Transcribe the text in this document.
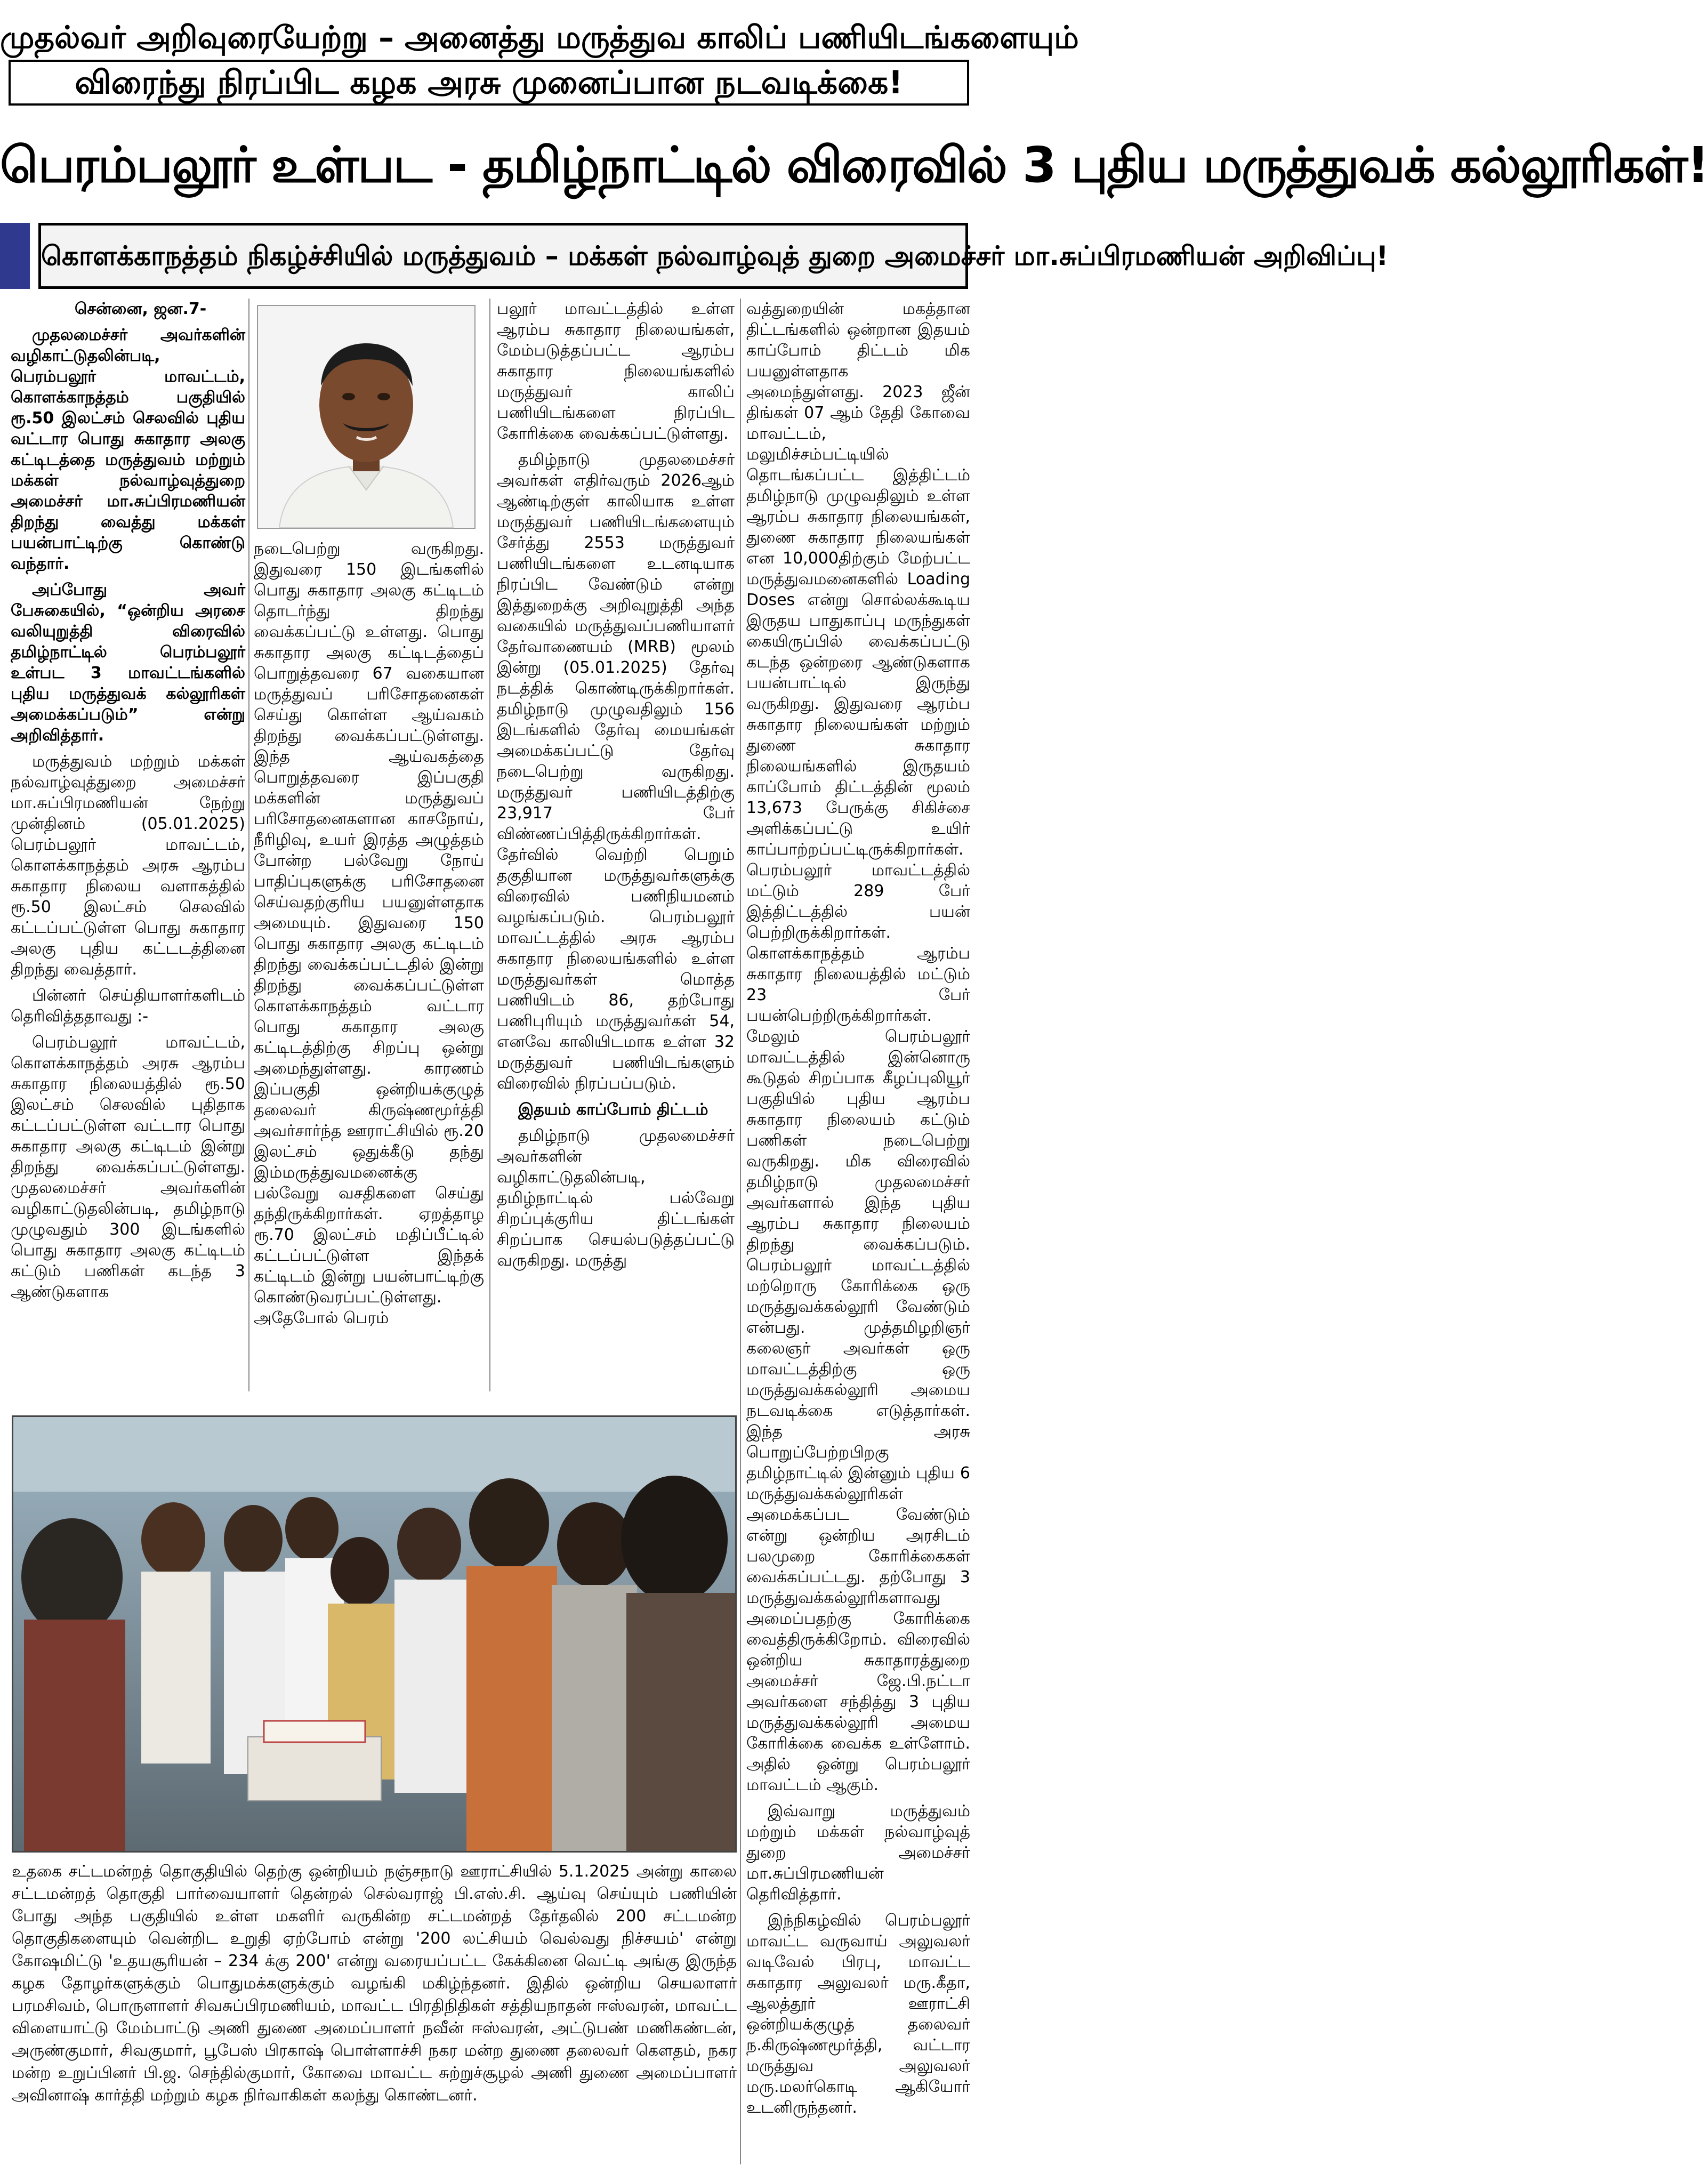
முதல்வர் அறிவுரையேற்று – அனைத்து மருத்துவ காலிப் பணியிடங்களையும்
விரைந்து நிரப்பிட கழக அரசு முனைப்பான நடவடிக்கை!
பெரம்பலூர் உள்பட - தமிழ்நாட்டில் விரைவில் 3 புதிய மருத்துவக் கல்லூரிகள்!
கொளக்காநத்தம் நிகழ்ச்சியில் மருத்துவம் – மக்கள் நல்வாழ்வுத் துறை அமைச்சர் மா.சுப்பிரமணியன் அறிவிப்பு!

சென்னை, ஜன.7-

முதலமைச்சர் அவர்களின் வழிகாட்டுதலின்படி, பெரம்பலூர் மாவட்டம், கொளக்காநத்தம் பகுதியில் ரூ.50 இலட்சம் செலவில் புதிய வட்டார பொது சுகாதார அலகு கட்டிடத்தை மருத்துவம் மற்றும் மக்கள் நல்வாழ்வுத்துறை அமைச்சர் மா.சுப்பிரமணியன் திறந்து வைத்து மக்கள் பயன்பாட்டிற்கு கொண்டு வந்தார்.

அப்போது அவர் பேசுகையில், “ஒன்றிய அரசை வலியுறுத்தி விரைவில் தமிழ்நாட்டில் பெரம்பலூர் உள்பட 3 மாவட்டங்களில் புதிய மருத்துவக் கல்லூரிகள் அமைக்கப்படும்” என்று அறிவித்தார்.

மருத்துவம் மற்றும் மக்கள் நல்வாழ்வுத்துறை அமைச்சர் மா.சுப்பிரமணியன் நேற்று முன்தினம் (05.01.2025) பெரம்பலூர் மாவட்டம், கொளக்காநத்தம் அரசு ஆரம்ப சுகாதார நிலைய வளாகத்தில் ரூ.50 இலட்சம் செலவில் கட்டப்பட்டுள்ள பொது சுகாதார அலகு புதிய கட்டடத்தினை திறந்து வைத்தார்.

பின்னர் செய்தியாளர்களிடம் தெரிவித்ததாவது :-

பெரம்பலூர் மாவட்டம், கொளக்காநத்தம் அரசு ஆரம்ப சுகாதார நிலையத்தில் ரூ.50 இலட்சம் செலவில் புதிதாக கட்டப்பட்டுள்ள வட்டார பொது சுகாதார அலகு கட்டிடம் இன்று திறந்து வைக்கப்பட்டுள்ளது. முதலமைச்சர் அவர்களின் வழிகாட்டுதலின்படி, தமிழ்நாடு முழுவதும் 300 இடங்களில் பொது சுகாதார அலகு கட்டிடம் கட்டும் பணிகள் கடந்த 3 ஆண்டுகளாக

நடைபெற்று வருகிறது. இதுவரை 150 இடங்களில் பொது சுகாதார அலகு கட்டிடம் தொடர்ந்து திறந்து வைக்கப்பட்டு உள்ளது. பொது சுகாதார அலகு கட்டிடத்தைப் பொறுத்தவரை 67 வகையான மருத்துவப் பரிசோதனைகள் செய்து கொள்ள ஆய்வகம் திறந்து வைக்கப்பட்டுள்ளது. இந்த ஆய்வகத்தை பொறுத்தவரை இப்பகுதி மக்களின் மருத்துவப் பரிசோதனைகளான காசநோய், நீரிழிவு, உயர் இரத்த அழுத்தம் போன்ற பல்வேறு நோய் பாதிப்புகளுக்கு பரிசோதனை செய்வதற்குரிய பயனுள்ளதாக அமையும். இதுவரை 150 பொது சுகாதார அலகு கட்டிடம் திறந்து வைக்கப்பட்டதில் இன்று திறந்து வைக்கப்பட்டுள்ள கொளக்காநத்தம் வட்டார பொது சுகாதார அலகு கட்டிடத்திற்கு சிறப்பு ஒன்று அமைந்துள்ளது. காரணம் இப்பகுதி ஒன்றியக்குழுத் தலைவர் கிருஷ்ணமூர்த்தி அவர்சார்ந்த ஊராட்சியில் ரூ.20 இலட்சம் ஒதுக்கீடு தந்து இம்மருத்துவமனைக்கு பல்வேறு வசதிகளை செய்து தந்திருக்கிறார்கள். ஏறத்தாழ ரூ.70 இலட்சம் மதிப்பீட்டில் கட்டப்பட்டுள்ள இந்தக் கட்டிடம் இன்று பயன்பாட்டிற்கு கொண்டுவரப்பட்டுள்ளது. அதேபோல் பெரம்

பலூர் மாவட்டத்தில் உள்ள ஆரம்ப சுகாதார நிலையங்கள், மேம்படுத்தப்பட்ட ஆரம்ப சுகாதார நிலையங்களில் மருத்துவர் காலிப் பணியிடங்களை நிரப்பிட கோரிக்கை வைக்கப்பட்டுள்ளது.

தமிழ்நாடு முதலமைச்சர் அவர்கள் எதிர்வரும் 2026ஆம் ஆண்டிற்குள் காலியாக உள்ள மருத்துவர் பணியிடங்களையும் சேர்த்து 2553 மருத்துவர் பணியிடங்களை உடனடியாக நிரப்பிட வேண்டும் என்று இத்துறைக்கு அறிவுறுத்தி அந்த வகையில் மருத்துவப்பணியாளர் தேர்வாணையம் (MRB) மூலம் இன்று (05.01.2025) தேர்வு நடத்திக் கொண்டிருக்கிறார்கள். தமிழ்நாடு முழுவதிலும் 156 இடங்களில் தேர்வு மையங்கள் அமைக்கப்பட்டு தேர்வு நடைபெற்று வருகிறது. மருத்துவர் பணியிடத்திற்கு 23,917 பேர் விண்ணப்பித்திருக்கிறார்கள். தேர்வில் வெற்றி பெறும் தகுதியான மருத்துவர்களுக்கு விரைவில் பணிநியமனம் வழங்கப்படும். பெரம்பலூர் மாவட்டத்தில் அரசு ஆரம்ப சுகாதார நிலையங்களில் உள்ள மருத்துவர்கள் மொத்த பணியிடம் 86, தற்போது பணிபுரியும் மருத்துவர்கள் 54, எனவே காலியிடமாக உள்ள 32 மருத்துவர் பணியிடங்களும் விரைவில் நிரப்பப்படும்.

இதயம் காப்போம் திட்டம்

தமிழ்நாடு முதலமைச்சர் அவர்களின் வழிகாட்டுதலின்படி, தமிழ்நாட்டில் பல்வேறு சிறப்புக்குரிய திட்டங்கள் சிறப்பாக செயல்படுத்தப்பட்டு வருகிறது. மருத்து

வத்துறையின் மகத்தான திட்டங்களில் ஒன்றான இதயம் காப்போம் திட்டம் மிக பயனுள்ளதாக அமைந்துள்ளது. 2023 ஜீன் திங்கள் 07 ஆம் தேதி கோவை மாவட்டம், மலுமிச்சம்பட்டியில் தொடங்கப்பட்ட இத்திட்டம் தமிழ்நாடு முழுவதிலும் உள்ள ஆரம்ப சுகாதார நிலையங்கள், துணை சுகாதார நிலையங்கள் என 10,000திற்கும் மேற்பட்ட மருத்துவமனைகளில் Loading Doses என்று சொல்லக்கூடிய இருதய பாதுகாப்பு மருந்துகள் கையிருப்பில் வைக்கப்பட்டு கடந்த ஒன்றரை ஆண்டுகளாக பயன்பாட்டில் இருந்து வருகிறது. இதுவரை ஆரம்ப சுகாதார நிலையங்கள் மற்றும் துணை சுகாதார நிலையங்களில் இருதயம் காப்போம் திட்டத்தின் மூலம் 13,673 பேருக்கு சிகிச்சை அளிக்கப்பட்டு உயிர் காப்பாற்றப்பட்டிருக்கிறார்கள். பெரம்பலூர் மாவட்டத்தில் மட்டும் 289 பேர் இத்திட்டத்தில் பயன் பெற்றிருக்கிறார்கள். கொளக்காநத்தம் ஆரம்ப சுகாதார நிலையத்தில் மட்டும் 23 பேர் பயன்பெற்றிருக்கிறார்கள். மேலும் பெரம்பலூர் மாவட்டத்தில் இன்னொரு கூடுதல் சிறப்பாக கீழப்புலியூர் பகுதியில் புதிய ஆரம்ப சுகாதார நிலையம் கட்டும் பணிகள் நடைபெற்று வருகிறது. மிக விரைவில் தமிழ்நாடு முதலமைச்சர் அவர்களால் இந்த புதிய ஆரம்ப சுகாதார நிலையம் திறந்து வைக்கப்படும். பெரம்பலூர் மாவட்டத்தில் மற்றொரு கோரிக்கை ஒரு மருத்துவக்கல்லூரி வேண்டும் என்பது. முத்தமிழறிஞர் கலைஞர் அவர்கள் ஒரு மாவட்டத்திற்கு ஒரு மருத்துவக்கல்லூரி அமைய நடவடிக்கை எடுத்தார்கள். இந்த அரசு பொறுப்பேற்றபிறகு தமிழ்நாட்டில் இன்னும் புதிய 6 மருத்துவக்கல்லூரிகள் அமைக்கப்பட வேண்டும் என்று ஒன்றிய அரசிடம் பலமுறை கோரிக்கைகள் வைக்கப்பட்டது. தற்போது 3 மருத்துவக்கல்லூரிகளாவது அமைப்பதற்கு கோரிக்கை வைத்திருக்கிறோம். விரைவில் ஒன்றிய சுகாதாரத்துறை அமைச்சர் ஜே.பி.நட்டா அவர்களை சந்தித்து 3 புதிய மருத்துவக்கல்லூரி அமைய கோரிக்கை வைக்க உள்ளோம். அதில் ஒன்று பெரம்பலூர் மாவட்டம் ஆகும்.

இவ்வாறு மருத்துவம் மற்றும் மக்கள் நல்வாழ்வுத் துறை அமைச்சர் மா.சுப்பிரமணியன் தெரிவித்தார்.

இந்நிகழ்வில் பெரம்பலூர் மாவட்ட வருவாய் அலுவலர் வடிவேல் பிரபு, மாவட்ட சுகாதார அலுவலர் மரு.கீதா, ஆலத்தூர் ஊராட்சி ஒன்றியக்குழுத் தலைவர் ந.கிருஷ்ணமூர்த்தி, வட்டார மருத்துவ அலுவலர் மரு.மலர்கொடி ஆகியோர் உடனிருந்தனர்.

உதகை சட்டமன்றத் தொகுதியில் தெற்கு ஒன்றியம் நஞ்சநாடு ஊராட்சியில் 5.1.2025 அன்று காலை சட்டமன்றத் தொகுதி பார்வையாளர் தென்றல் செல்வராஜ் பி.எஸ்.சி. ஆய்வு செய்யும் பணியின் போது அந்த பகுதியில் உள்ள மகளிர் வருகின்ற சட்டமன்றத் தேர்தலில் 200 சட்டமன்ற தொகுதிகளையும் வென்றிட உறுதி ஏற்போம் என்று '200 லட்சியம் வெல்வது நிச்சயம்' என்று கோஷமிட்டு 'உதயசூரியன் – 234 க்கு 200' என்று வரையப்பட்ட கேக்கினை வெட்டி அங்கு இருந்த கழக தோழர்களுக்கும் பொதுமக்களுக்கும் வழங்கி மகிழ்ந்தனர். இதில் ஒன்றிய செயலாளர் பரமசிவம், பொருளாளர் சிவசுப்பிரமணியம், மாவட்ட பிரதிநிதிகள் சத்தியநாதன் ஈஸ்வரன், மாவட்ட விளையாட்டு மேம்பாட்டு அணி துணை அமைப்பாளர் நவீன் ஈஸ்வரன், அட்டுபண் மணிகண்டன், அருண்குமார், சிவகுமார், பூபேஸ் பிரகாஷ் பொள்ளாச்சி நகர மன்ற துணை தலைவர் கௌதம், நகர மன்ற உறுப்பினர் பி.ஜ. செந்தில்குமார், கோவை மாவட்ட சுற்றுச்சூழல் அணி துணை அமைப்பாளர் அவினாஷ் கார்த்தி மற்றும் கழக நிர்வாகிகள் கலந்து கொண்டனர்.
